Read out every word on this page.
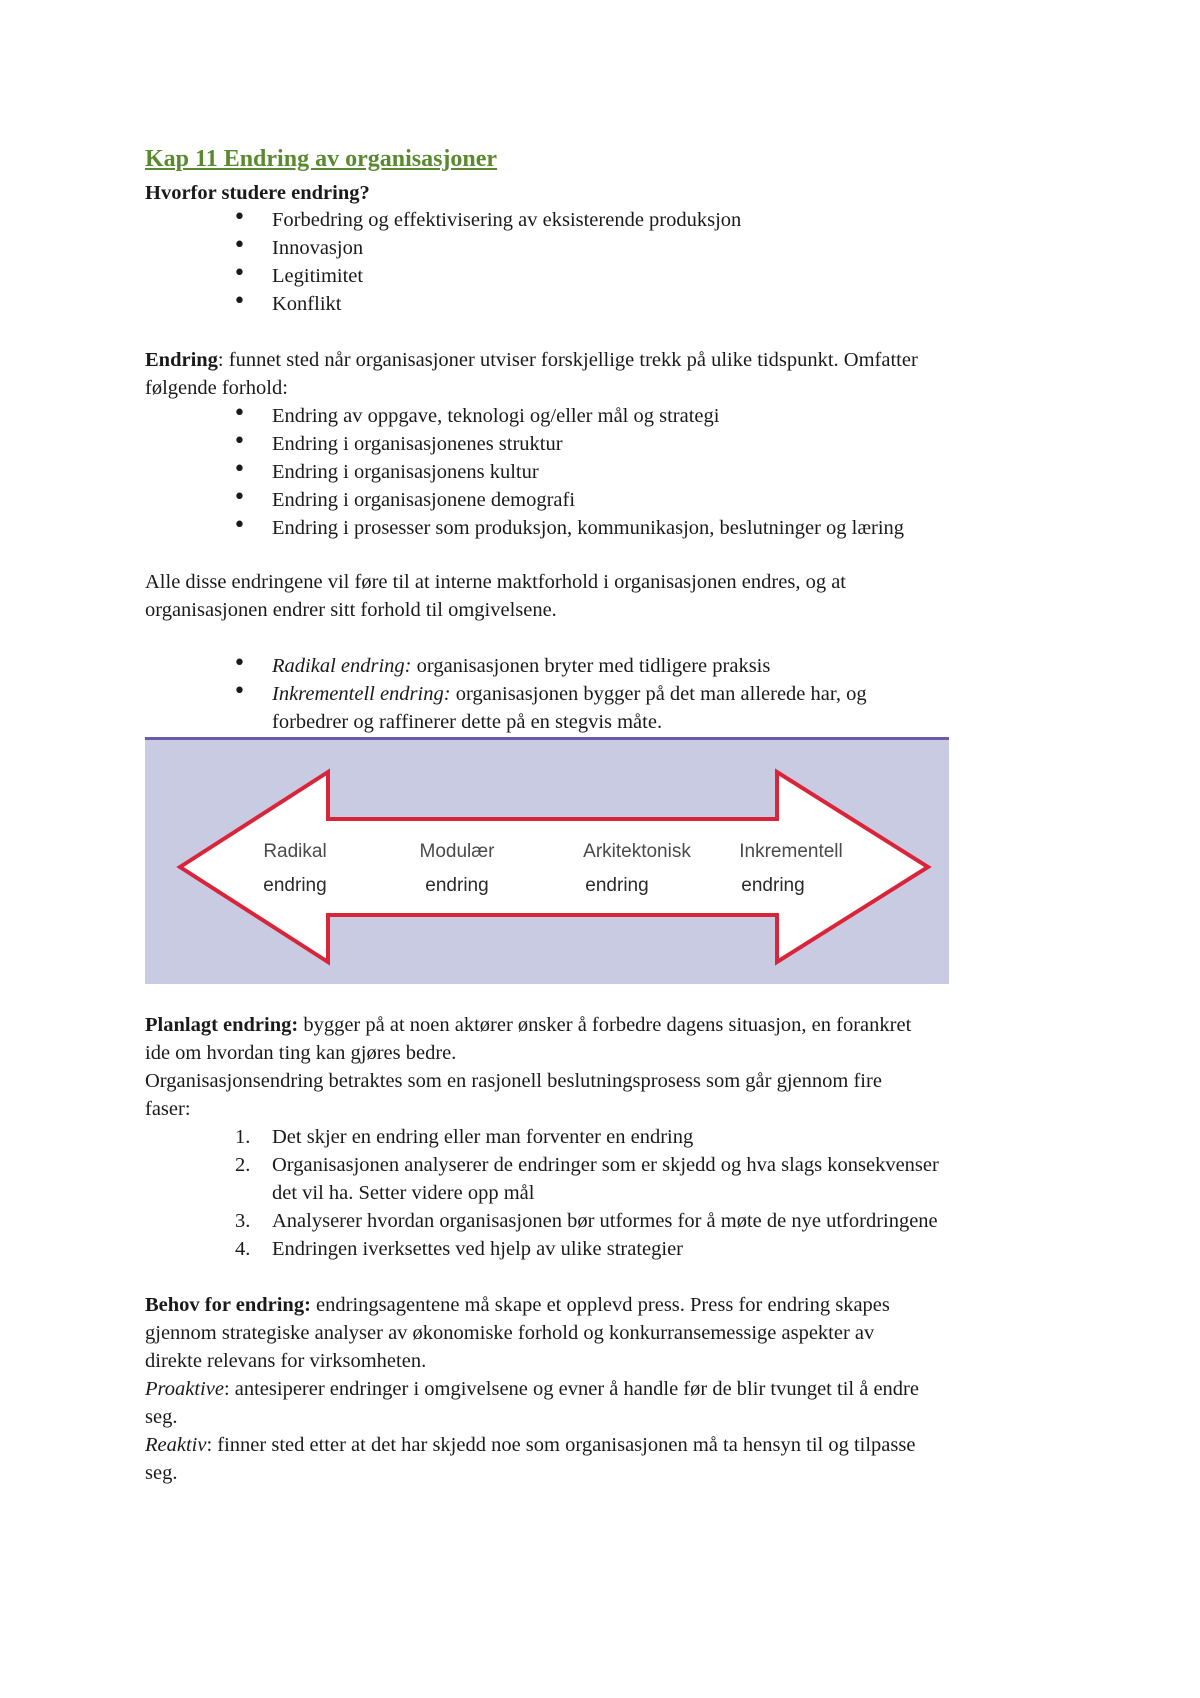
Kap 11 Endring av organisasjoner
Hvorfor studere endring?
• Forbedring og effektivisering av eksisterende produksjon
• Innovasjon
• Legitimitet
• Konflikt
Endring: funnet sted når organisasjoner utviser forskjellige trekk på ulike tidspunkt. Omfatter
følgende forhold:
• Endring av oppgave, teknologi og/eller mål og strategi
• Endring i organisasjonenes struktur
• Endring i organisasjonens kultur
• Endring i organisasjonene demografi
• Endring i prosesser som produksjon, kommunikasjon, beslutninger og læring
Alle disse endringene vil føre til at interne maktforhold i organisasjonen endres, og at
organisasjonen endrer sitt forhold til omgivelsene.
• Radikal endring: organisasjonen bryter med tidligere praksis
• Inkrementell endring: organisasjonen bygger på det man allerede har, og
forbedrer og raffinerer dette på en stegvis måte.
Planlagt endring: bygger på at noen aktører ønsker å forbedre dagens situasjon, en forankret
ide om hvordan ting kan gjøres bedre.
Organisasjonsendring betraktes som en rasjonell beslutningsprosess som går gjennom fire
faser:
1. Det skjer en endring eller man forventer en endring
2. Organisasjonen analyserer de endringer som er skjedd og hva slags konsekvenser
det vil ha. Setter videre opp mål
3. Analyserer hvordan organisasjonen bør utformes for å møte de nye utfordringene
4. Endringen iverksettes ved hjelp av ulike strategier
Behov for endring: endringsagentene må skape et opplevd press. Press for endring skapes
gjennom strategiske analyser av økonomiske forhold og konkurransemessige aspekter av
direkte relevans for virksomheten.
Proaktive: antesiperer endringer i omgivelsene og evner å handle før de blir tvunget til å endre
seg.
Reaktiv: finner sted etter at det har skjedd noe som organisasjonen må ta hensyn til og tilpasse
seg.
Radikal
endring
Modulær
endring
Arkitektonisk
endring
Inkrementell
endring
